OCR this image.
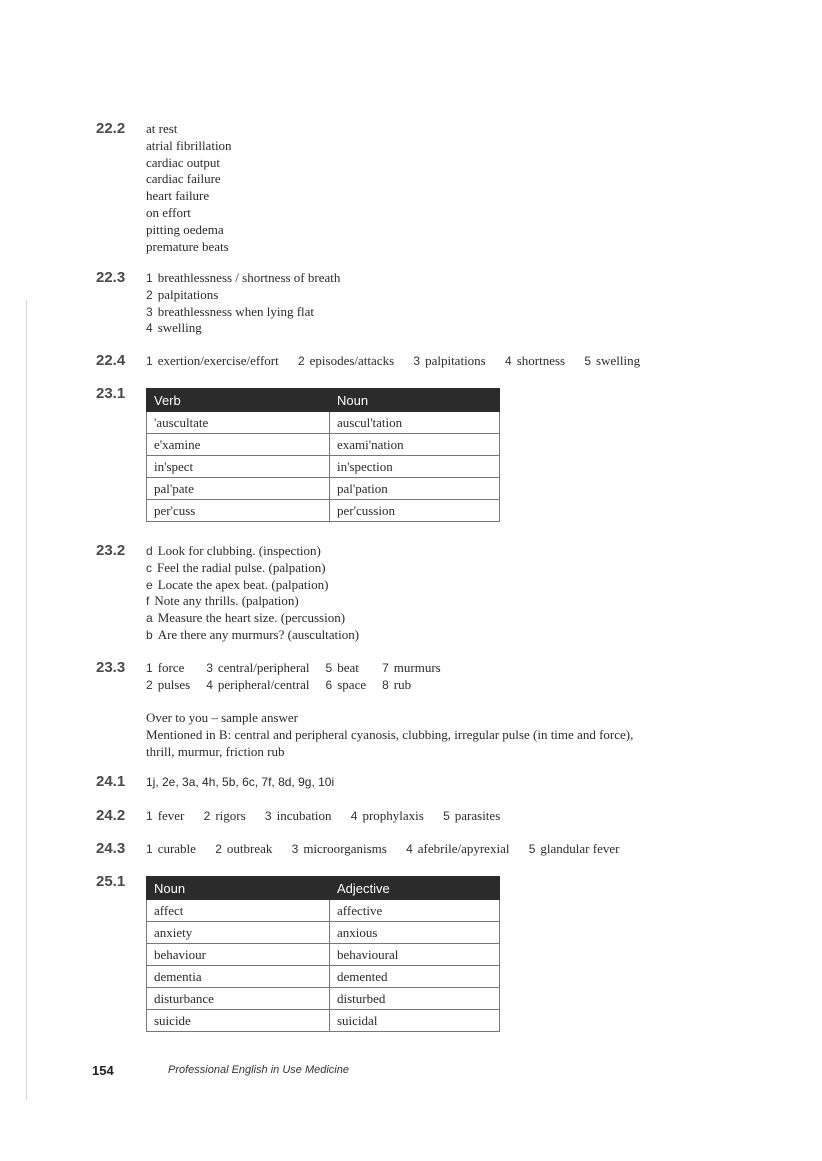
22.2 at rest
atrial fibrillation
cardiac output
cardiac failure
heart failure
on effort
pitting oedema
premature beats
22.3 1 breathlessness / shortness of breath
2 palpitations
3 breathlessness when lying flat
4 swelling
22.4 1 exertion/exercise/effort 2 episodes/attacks 3 palpitations 4 shortness 5 swelling
23.1 Verb	Noun
'auscultate	auscul'tation
e'xamine	exami'nation
in'spect	in'spection
pal'pate	pal'pation
per'cuss	per'cussion
23.2 d Look for clubbing. (inspection)
c Feel the radial pulse. (palpation)
e Locate the apex beat. (palpation)
f Note any thrills. (palpation)
a Measure the heart size. (percussion)
b Are there any murmurs? (auscultation)
23.3 1 force	3 central/peripheral	5 beat	7 murmurs
2 pulses	4 peripheral/central	6 space	8 rub
Over to you – sample answer
Mentioned in B: central and peripheral cyanosis, clubbing, irregular pulse (in time and force),
thrill, murmur, friction rub
24.1 1j, 2e, 3a, 4h, 5b, 6c, 7f, 8d, 9g, 10i
24.2 1 fever 2 rigors 3 incubation 4 prophylaxis 5 parasites
24.3 1 curable 2 outbreak 3 microorganisms 4 afebrile/apyrexial 5 glandular fever
25.1 Noun	Adjective
affect	affective
anxiety	anxious
behaviour	behavioural
dementia	demented
disturbance	disturbed
suicide	suicidal
154	Professional English in Use Medicine
